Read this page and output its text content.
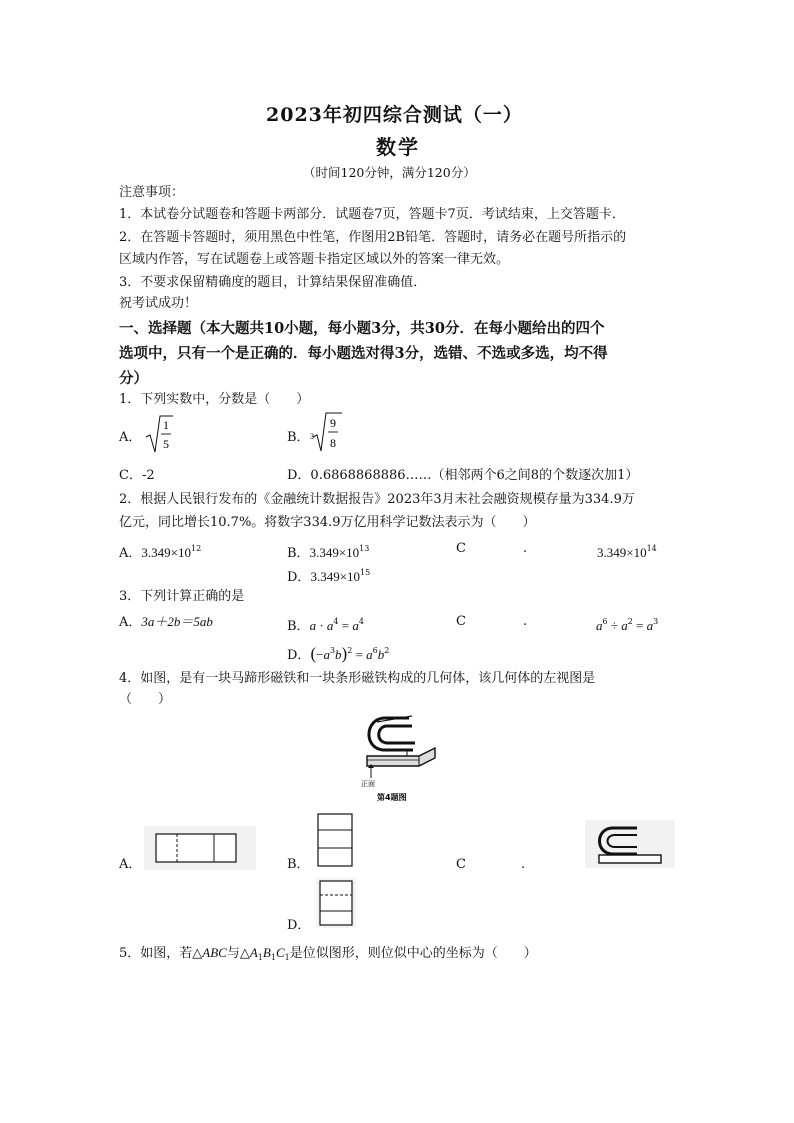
2023年初四综合测试（一）
数学
（时间120分钟，满分120分）
注意事项：
1．本试卷分试题卷和答题卡两部分．试题卷7页，答题卡7页．考试结束，上交答题卡．
2．在答题卡答题时，须用黑色中性笔，作图用2B铅笔．答题时，请务必在题号所指示的
区域内作答，写在试题卷上或答题卡指定区域以外的答案一律无效。
3．不要求保留精确度的题目，计算结果保留准确值．
祝考试成功！
一、选择题（本大题共10小题，每小题3分，共30分．在每小题给出的四个
选项中，只有一个是正确的．每小题选对得3分，选错、不选或多选，均不得
分）
1．下列实数中，分数是（　　）
A．
1
5	B． 3
9
8
C．-2	D．0.6868868886……（相邻两个6之间8的个数逐次加1）
2．根据人民银行发布的《金融统计数据报告》2023年3月末社会融资规模存量为334.9万
亿元，同比增长10.7%。将数字334.9万亿用科学记数法表示为（　　）
A．$3.349\times 10^{12}$	B．$3.349\times 10^{13}$	C	.	$3.349\times 10^{14}$
D．$3.349\times 10^{15}$
3．下列计算正确的是
A．3a＋2b＝5ab	B．$a \cdot a^4 = a^4$	C	.	$a^6 \div a^2 = a^3$
D．$(-a^3b)^2 = a^6b^2$
4．如图，是有一块马蹄形磁铁和一块条形磁铁构成的几何体，该几何体的左视图是
（　　）
正面
第4题图
A．	B．	C	.
D．
5．如图，若△ABC与$\triangle A_1B_1C_1$是位似图形，则位似中心的坐标为（　　）
